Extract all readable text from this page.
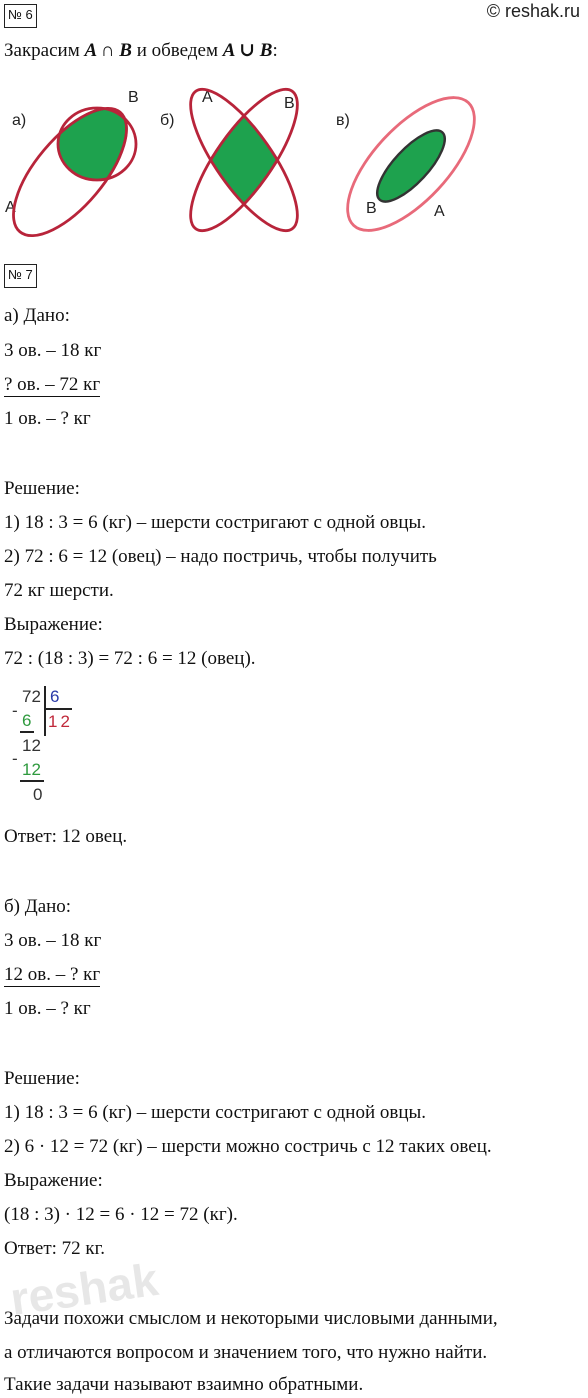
© reshak.ru
№ 6
Закрасим A ∩ B и обведем A ∪ B:
а)
B
A
б)
A	B
в)
B	A
№ 7
а) Дано:
3 ов. – 18 кг
? ов. – 72 кг
1 ов. – ? кг
Решение:
1) 18 : 3 = 6 (кг) – шерсти состригают с одной овцы.
2) 72 : 6 = 12 (овец) – надо постричь, чтобы получить
72 кг шерсти.
Выражение:
72 : (18 : 3) = 72 : 6 = 12 (овец).
72 6
12
-
6
12
-
12
0
Ответ: 12 овец.
б) Дано:
3 ов. – 18 кг
12 ов. – ? кг
1 ов. – ? кг
Решение:
1) 18 : 3 = 6 (кг) – шерсти состригают с одной овцы.
2) 6 · 12 = 72 (кг) – шерсти можно состричь с 12 таких овец.
Выражение:
(18 : 3) · 12 = 6 · 12 = 72 (кг).
Ответ: 72 кг.
reshak
Задачи похожи смыслом и некоторыми числовыми данными,
а отличаются вопросом и значением того, что нужно найти.
Такие задачи называют взаимно обратными.
